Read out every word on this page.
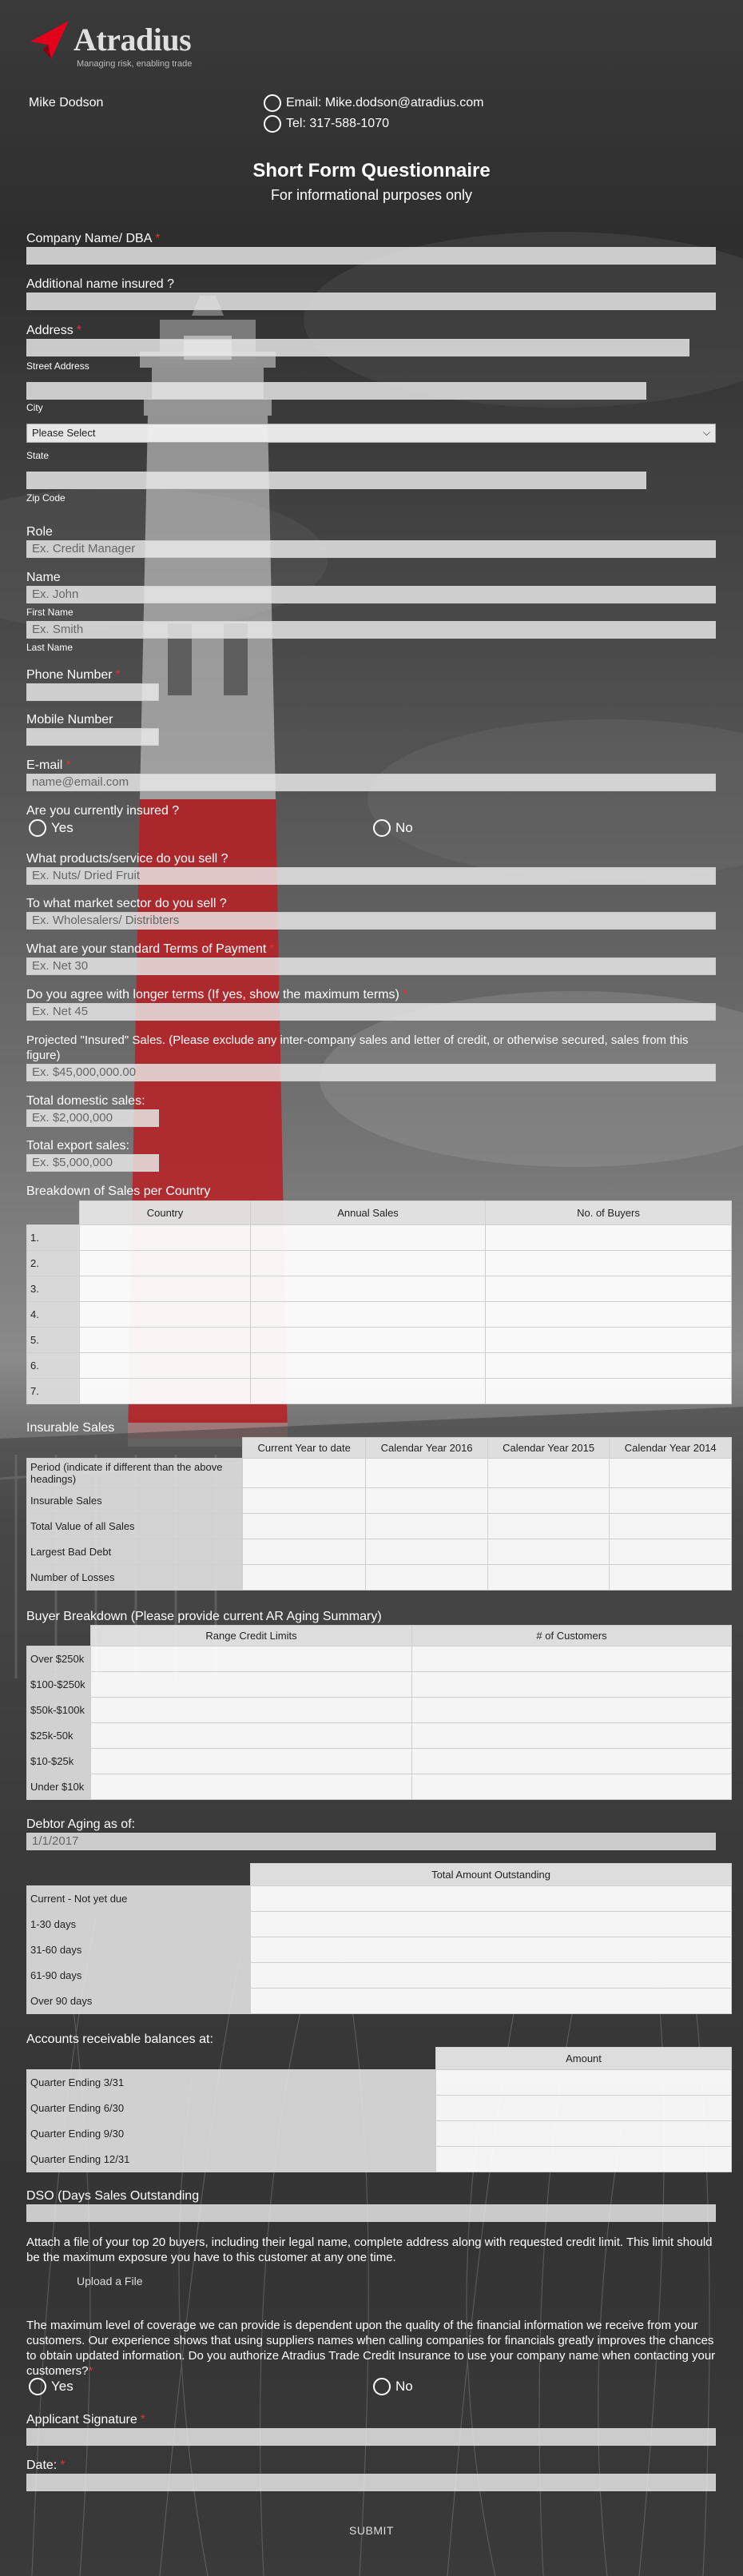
Atradius
Managing risk, enabling trade
Mike Dodson	Email: Mike.dodson@atradius.com
Tel: 317-588-1070
Short Form Questionnaire
For informational purposes only
Company Name/ DBA *
Additional name insured ?
Address *
Street Address
City
Please Select	⌵
State
Zip Code
Role
Ex. Credit Manager
Name
Ex. John
First Name
Ex. Smith
Last Name
Phone Number *
Mobile Number
E-mail *
name@email.com
Are you currently insured ?
Yes	No
What products/service do you sell ?
Ex. Nuts/ Dried Fruit
To what market sector do you sell ?
Ex. Wholesalers/ Distribters
What are your standard Terms of Payment *
Ex. Net 30
Do you agree with longer terms (If yes, show the maximum terms) *
Ex. Net 45
Projected "Insured" Sales. (Please exclude any inter-company sales and letter of credit, or otherwise secured, sales from this figure)
Ex. $45,000,000.00
Total domestic sales:
Ex. $2,000,000
Total export sales:
Ex. $5,000,000
Breakdown of Sales per Country
	Country	Annual Sales	No. of Buyers
1.			
2.			
3.			
4.			
5.			
6.			
7.			
Insurable Sales
	Current Year to date	Calendar Year 2016	Calendar Year 2015	Calendar Year 2014
Period (indicate if different than the above headings)				
Insurable Sales				
Total Value of all Sales				
Largest Bad Debt				
Number of Losses				
Buyer Breakdown (Please provide current AR Aging Summary)
	Range Credit Limits	# of Customers
Over $250k		
$100-$250k		
$50k-$100k		
$25k-50k		
$10-$25k		
Under $10k		
Debtor Aging as of:
1/1/2017
	Total Amount Outstanding
Current - Not yet due	
1-30 days	
31-60 days	
61-90 days	
Over 90 days	
Accounts receivable balances at:
	Amount
Quarter Ending 3/31	
Quarter Ending 6/30	
Quarter Ending 9/30	
Quarter Ending 12/31	
DSO (Days Sales Outstanding
Attach a file of your top 20 buyers, including their legal name, complete address along with requested credit limit. This limit should be the maximum exposure you have to this customer at any one time.
Upload a File
The maximum level of coverage we can provide is dependent upon the quality of the financial information we receive from your customers. Our experience shows that using suppliers names when calling companies for financials greatly improves the chances to obtain updated information. Do you authorize Atradius Trade Credit Insurance to use your company name when contacting your customers?*
Yes	No
Applicant Signature *
Date: *
SUBMIT
